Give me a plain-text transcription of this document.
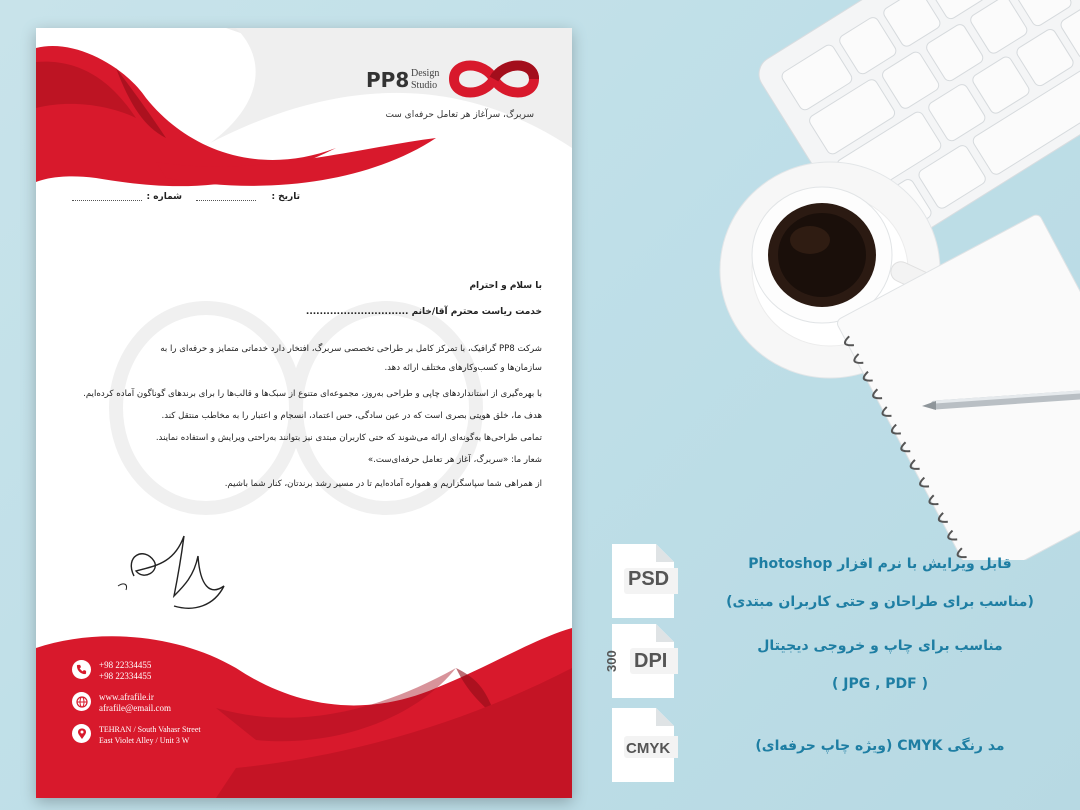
PP8 Design
Studio
سربرگ، سرآغاز هر تعامل حرفه‌ای ست
تاریخ :
شماره :
با سلام و احترام
خدمت ریاست محترم آقا/خانم ..............................
شرکت PP8 گرافیک، با تمرکز کامل بر طراحی تخصصی سربرگ، افتخار دارد خدماتی متمایز و حرفه‌ای را به
سازمان‌ها و کسب‌وکارهای مختلف ارائه دهد.
با بهره‌گیری از استانداردهای چاپی و طراحی به‌روز، مجموعه‌ای متنوع از سبک‌ها و قالب‌ها را برای برندهای گوناگون آماده کرده‌ایم.
هدف ما، خلق هویتی بصری است که در عین سادگی، حس اعتماد، انسجام و اعتبار را به مخاطب منتقل کند.
تمامی طراحی‌ها به‌گونه‌ای ارائه می‌شوند که حتی کاربران مبتدی نیز بتوانند به‌راحتی ویرایش و استفاده نمایند.
شعار ما: «سربرگ، آغاز هر تعامل حرفه‌ای‌ست.»
از همراهی شما سپاسگزاریم و همواره آماده‌ایم تا در مسیر رشد برندتان، کنار شما باشیم.
+98 22334455
+98 22334455
www.afrafile.ir
afrafile@email.com
TEHRAN / South Vahasr Street
East Violet Alley / Unit 3 W
PSD
DPI
300
CMYK
قابل ویرایش با نرم افزار Photoshop
(مناسب برای طراحان و حتی کاربران مبتدی)
مناسب برای چاپ و خروجی دیجیتال
( JPG , PDF )
مد رنگی CMYK (ویژه چاپ حرفه‌ای)
